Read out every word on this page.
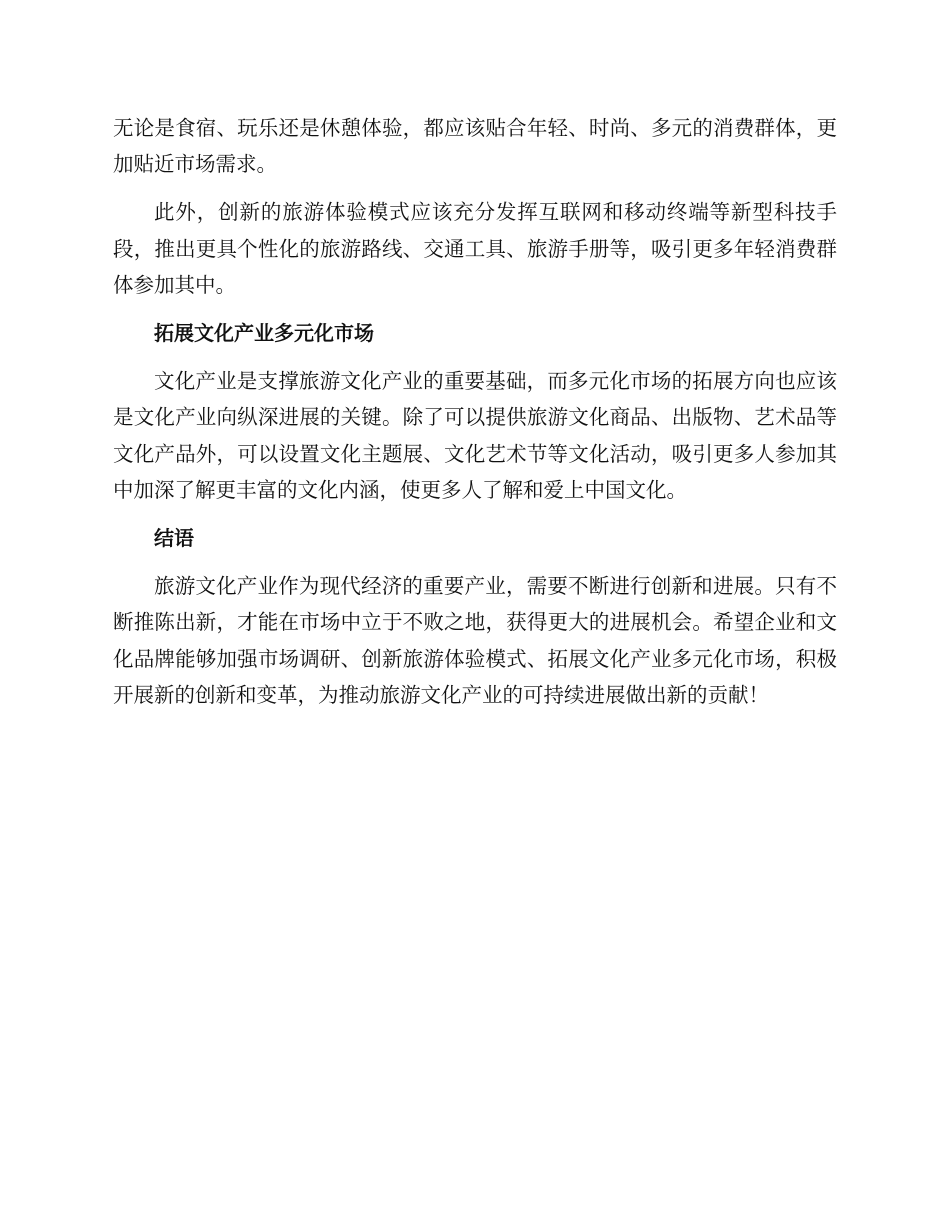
无论是食宿、玩乐还是休憩体验，都应该贴合年轻、时尚、多元的消费群体，更加贴近市场需求。

此外，创新的旅游体验模式应该充分发挥互联网和移动终端等新型科技手段，推出更具个性化的旅游路线、交通工具、旅游手册等，吸引更多年轻消费群体参加其中。

拓展文化产业多元化市场

文化产业是支撑旅游文化产业的重要基础，而多元化市场的拓展方向也应该是文化产业向纵深进展的关键。除了可以提供旅游文化商品、出版物、艺术品等文化产品外，可以设置文化主题展、文化艺术节等文化活动，吸引更多人参加其中加深了解更丰富的文化内涵，使更多人了解和爱上中国文化。

结语

旅游文化产业作为现代经济的重要产业，需要不断进行创新和进展。只有不断推陈出新，才能在市场中立于不败之地，获得更大的进展机会。希望企业和文化品牌能够加强市场调研、创新旅游体验模式、拓展文化产业多元化市场，积极开展新的创新和变革，为推动旅游文化产业的可持续进展做出新的贡献！
